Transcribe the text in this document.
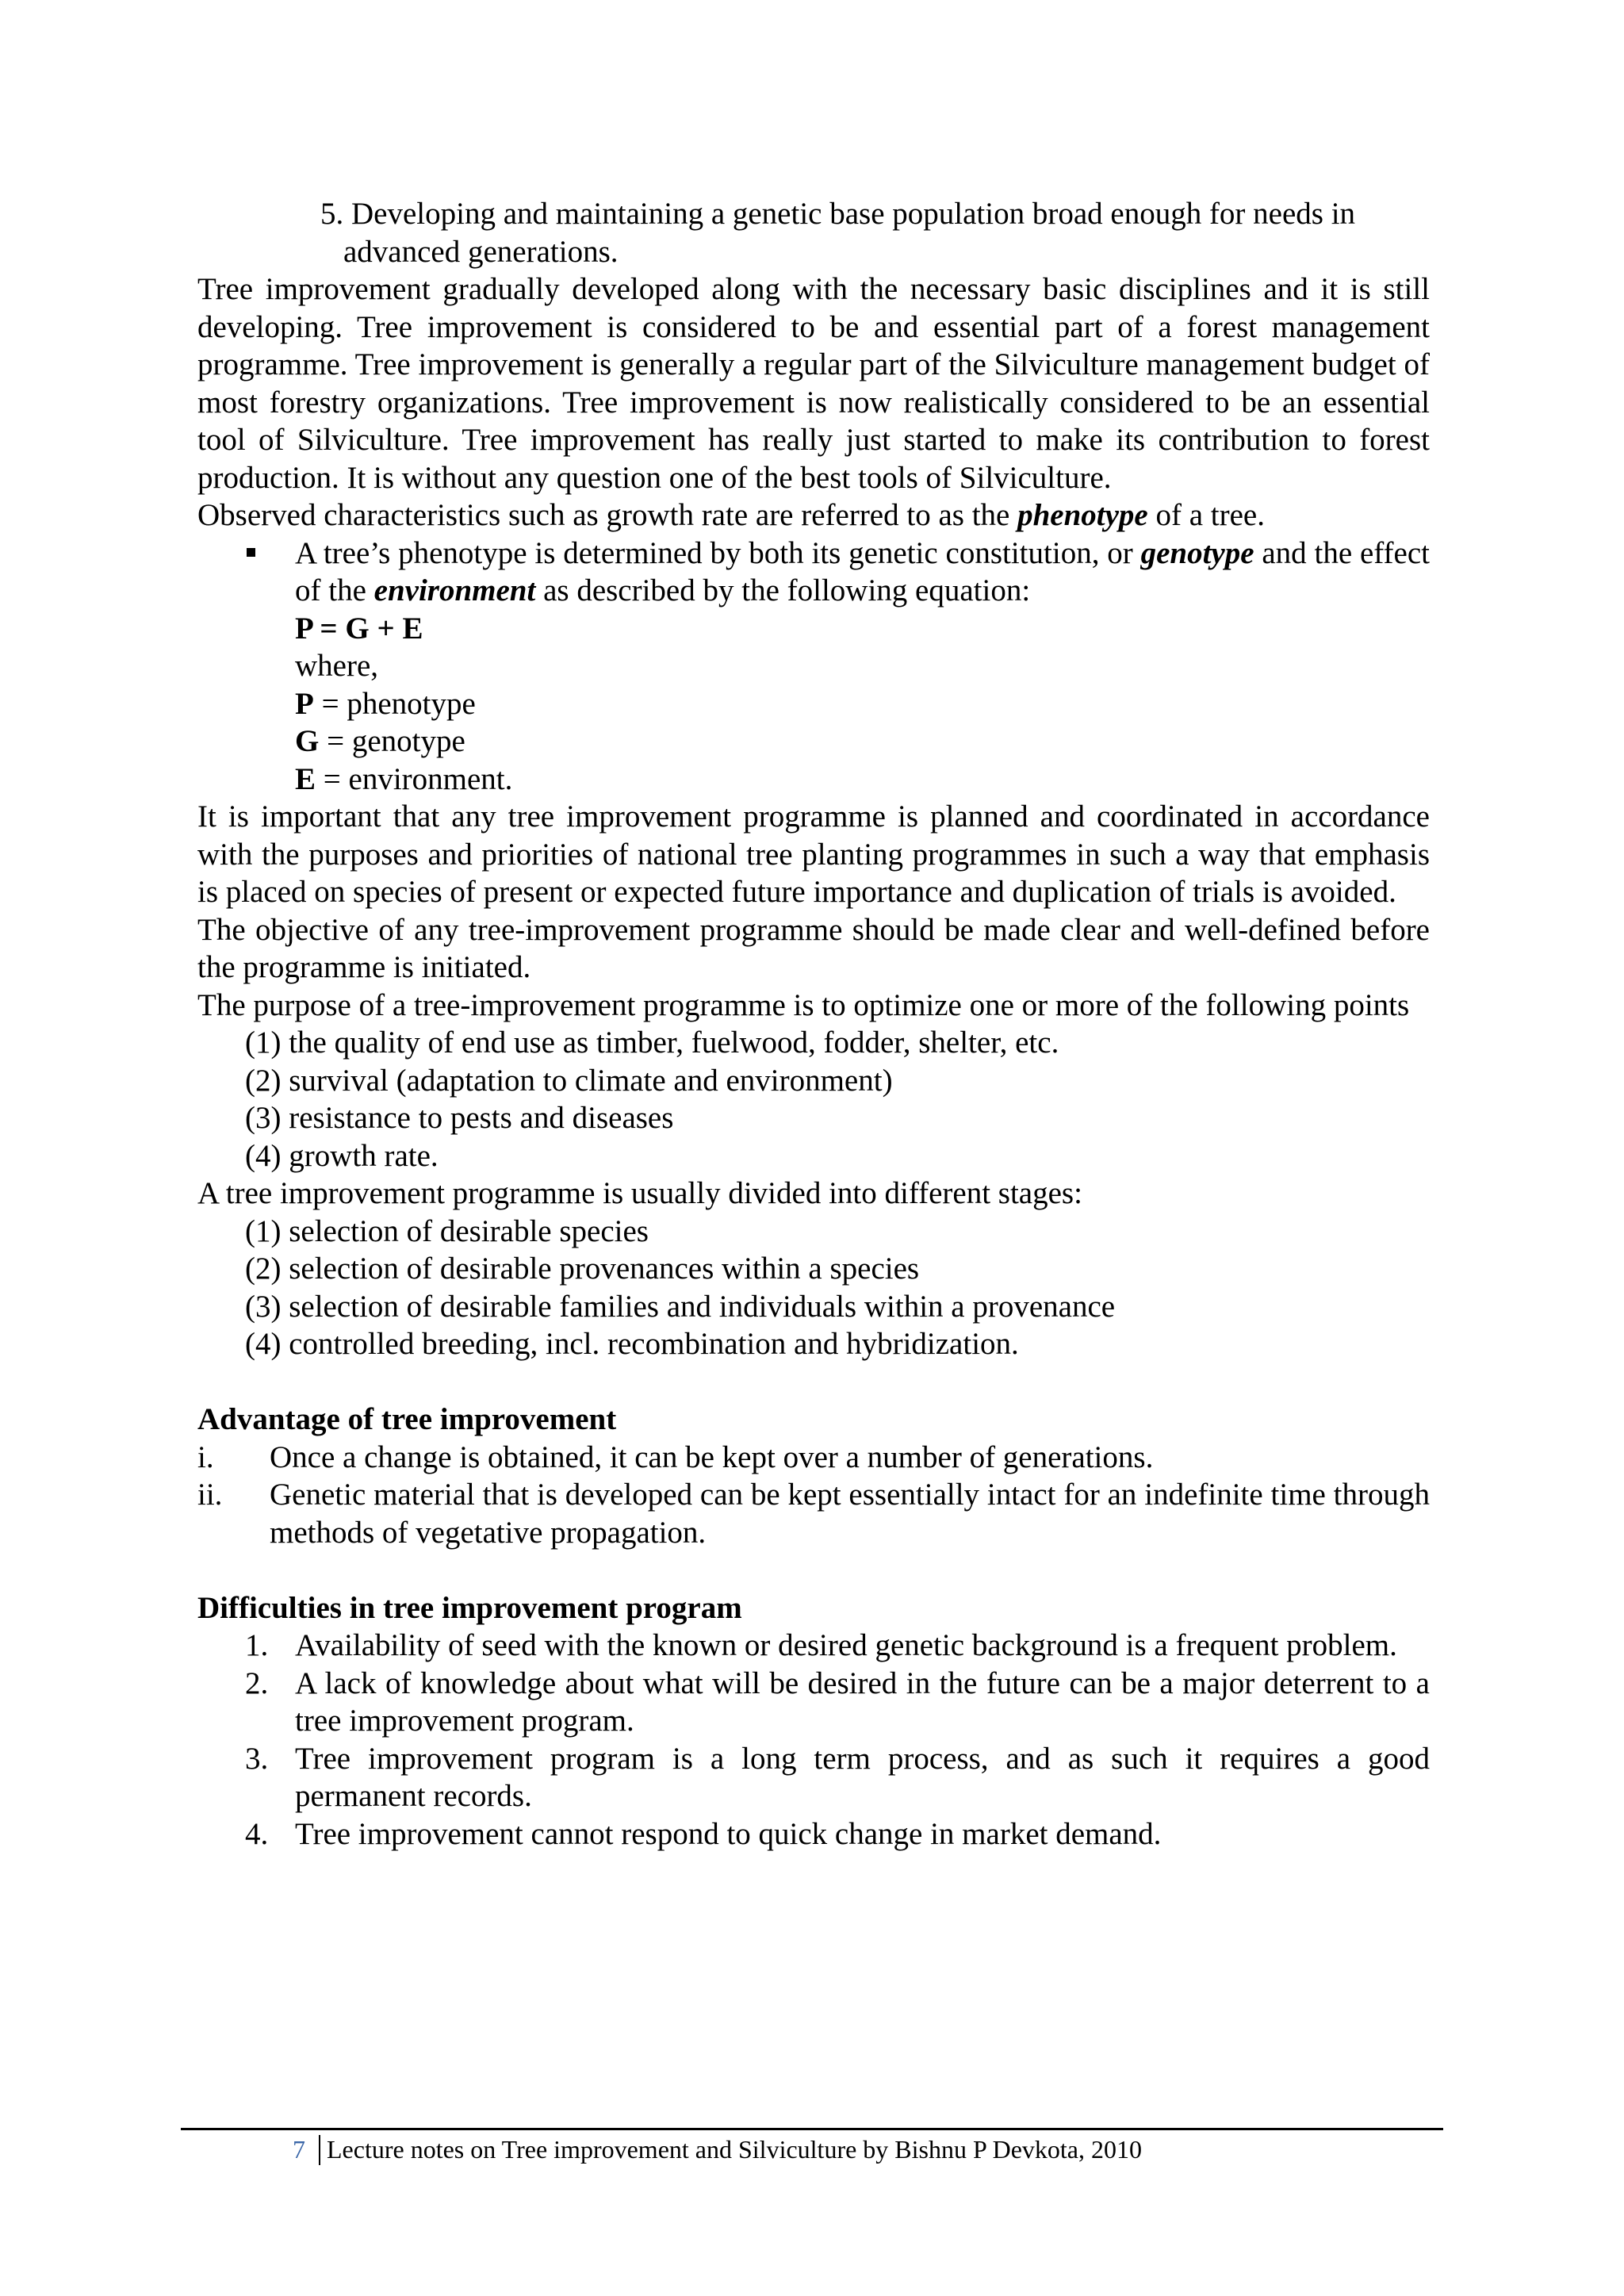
5. Developing and maintaining a genetic base population broad enough for needs in
advanced generations.

Tree improvement gradually developed along with the necessary basic disciplines and it is still developing. Tree improvement is considered to be and essential part of a forest management programme. Tree improvement is generally a regular part of the Silviculture management budget of most forestry organizations. Tree improvement is now realistically considered to be an essential tool of Silviculture. Tree improvement has really just started to make its contribution to forest production. It is without any question one of the best tools of Silviculture.

Observed characteristics such as growth rate are referred to as the phenotype of a tree.

A tree’s phenotype is determined by both its genetic constitution, or genotype and the effect of the environment as described by the following equation:
P = G + E
where,
P = phenotype
G = genotype
E = environment.

It is important that any tree improvement programme is planned and coordinated in accordance with the purposes and priorities of national tree planting programmes in such a way that emphasis is placed on species of present or expected future importance and duplication of trials is avoided.

The objective of any tree-improvement programme should be made clear and well-defined before the programme is initiated.

The purpose of a tree-improvement programme is to optimize one or more of the following points

(1) the quality of end use as timber, fuelwood, fodder, shelter, etc.
(2) survival (adaptation to climate and environment)
(3) resistance to pests and diseases
(4) growth rate.

A tree improvement programme is usually divided into different stages:

(1) selection of desirable species
(2) selection of desirable provenances within a species
(3) selection of desirable families and individuals within a provenance
(4) controlled breeding, incl. recombination and hybridization.
Advantage of tree improvement
i.	Once a change is obtained, it can be kept over a number of generations.
ii.	Genetic material that is developed can be kept essentially intact for an indefinite time through methods of vegetative propagation.
Difficulties in tree improvement program
1. Availability of seed with the known or desired genetic background is a frequent problem.
2. A lack of knowledge about what will be desired in the future can be a major deterrent to a tree improvement program.
3. Tree improvement program is a long term process, and as such it requires a good permanent records.
4. Tree improvement cannot respond to quick change in market demand.
7 Lecture notes on Tree improvement and Silviculture by Bishnu P Devkota, 2010
